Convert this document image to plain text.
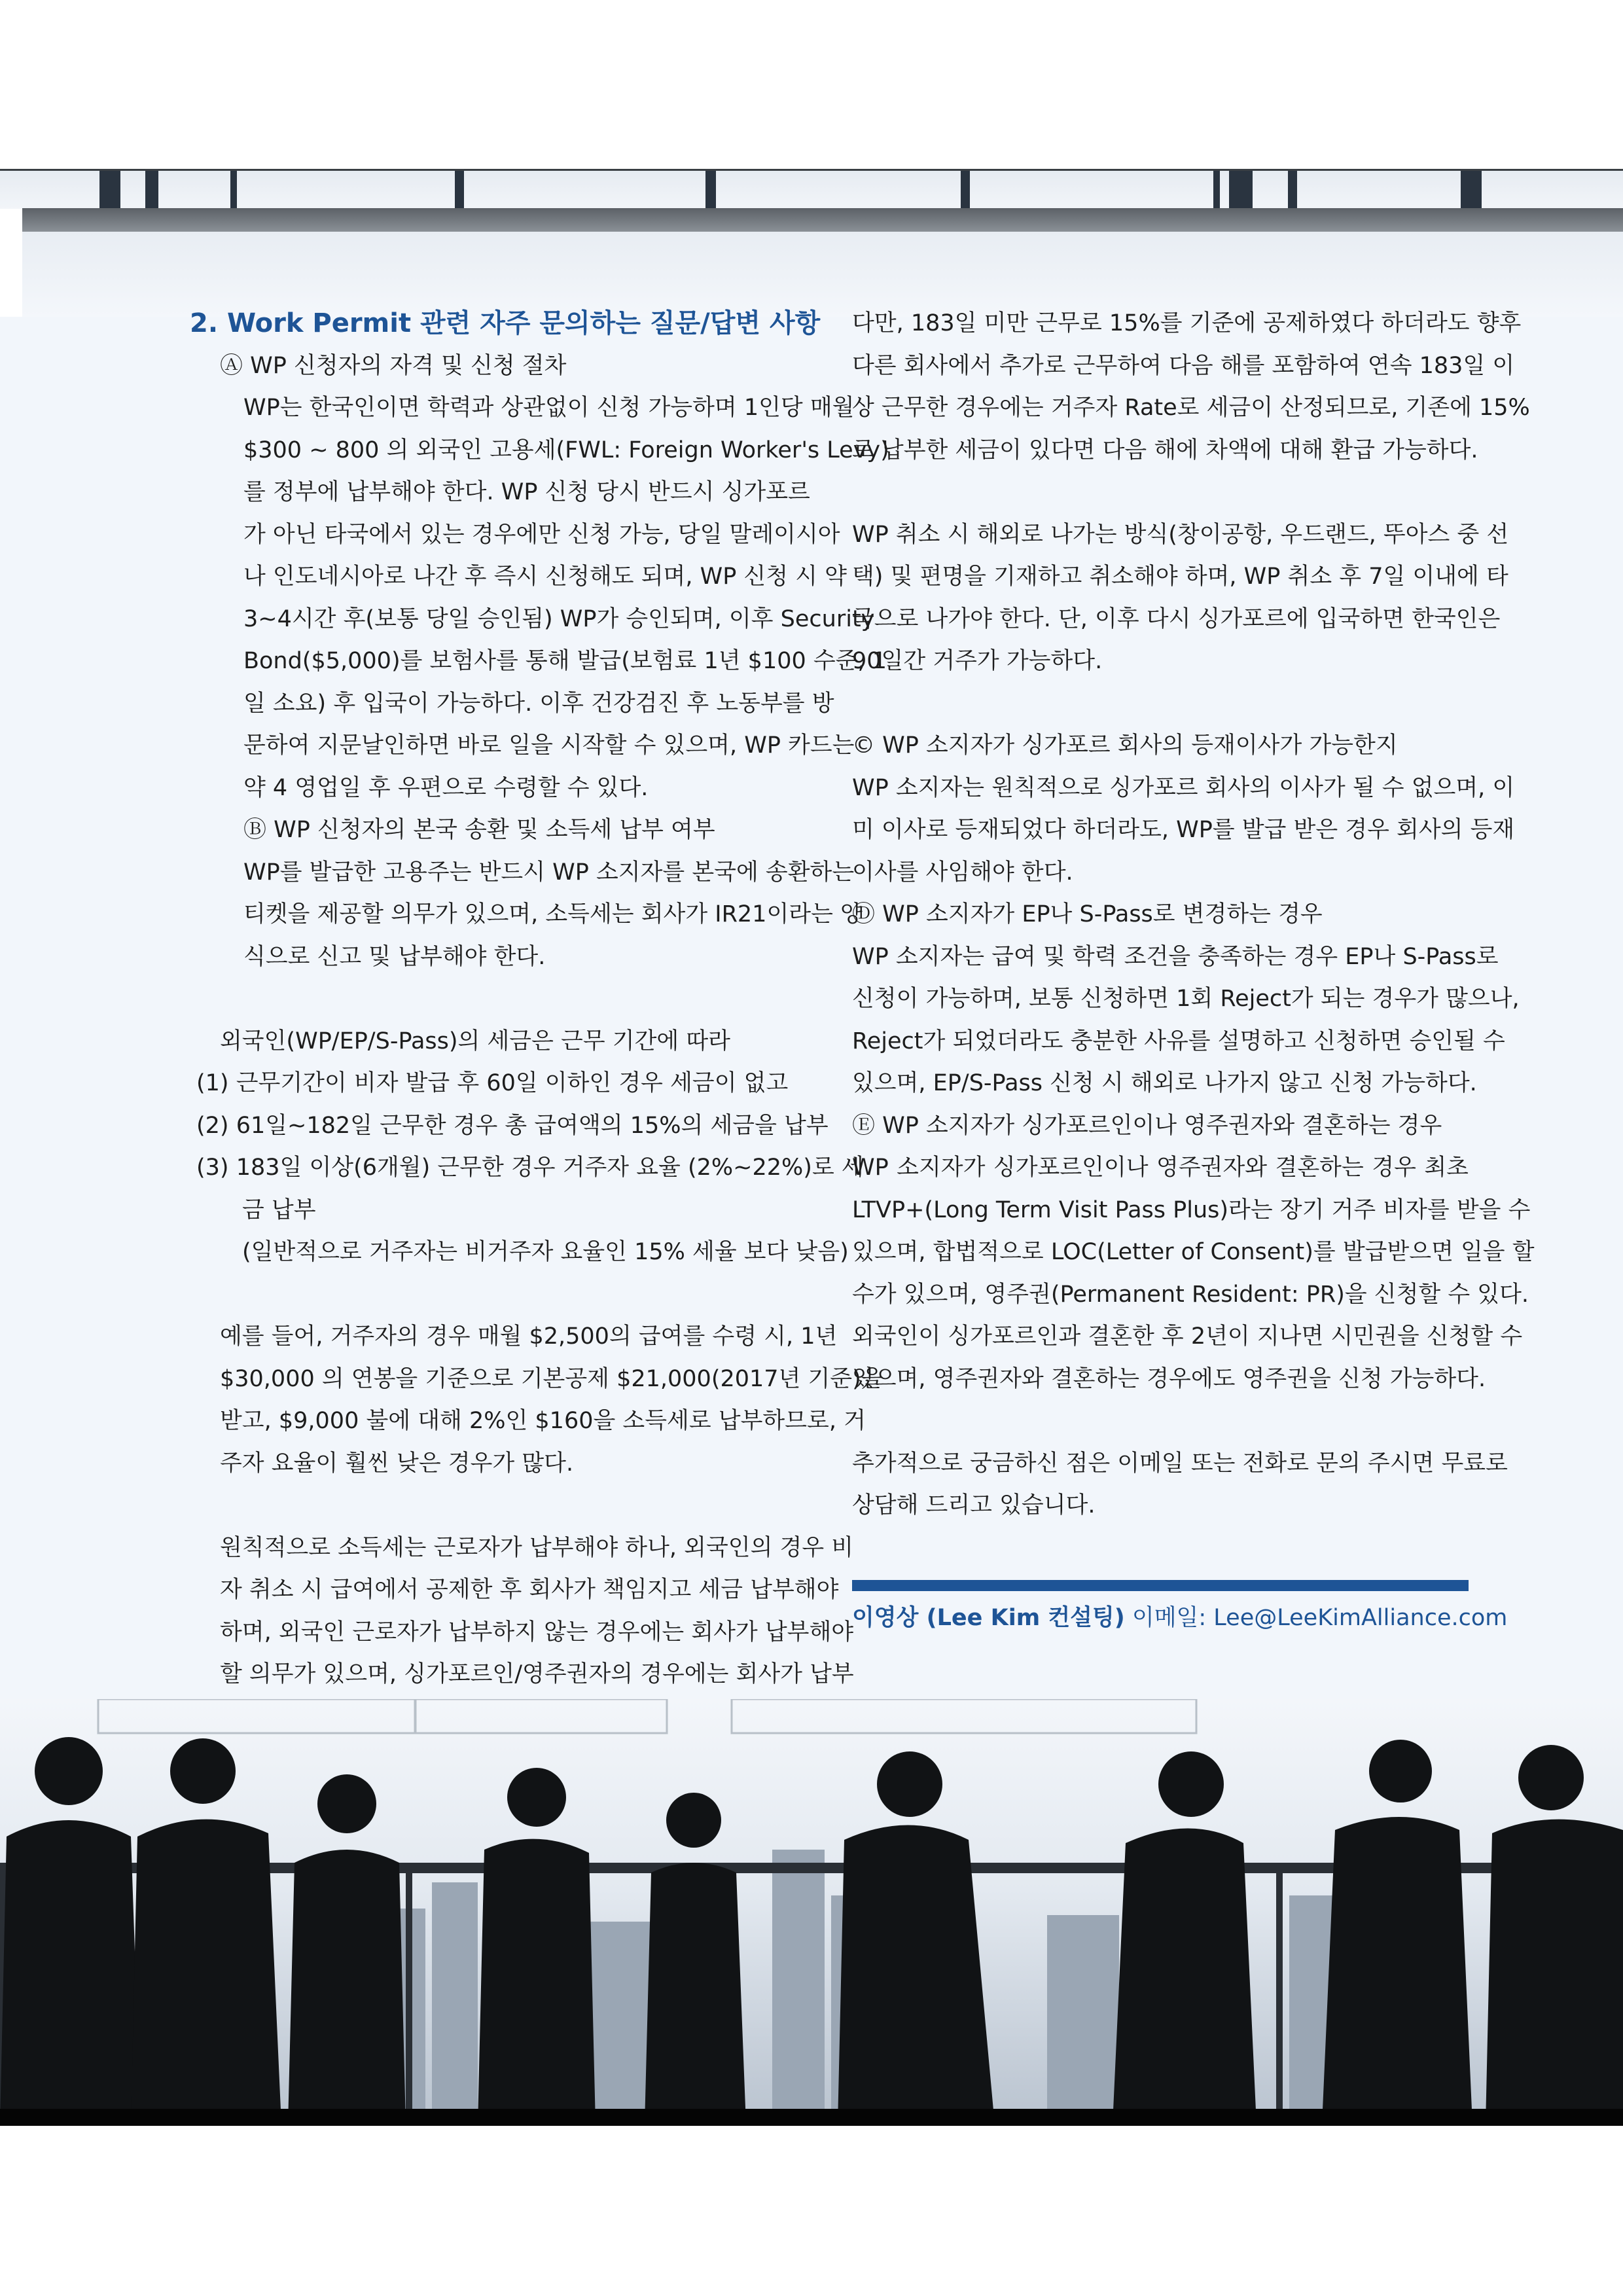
2. Work Permit 관련 자주 문의하는 질문/답변 사항
Ⓐ WP 신청자의 자격 및 신청 절차
WP는 한국인이면 학력과 상관없이 신청 가능하며 1인당 매월
$300 ~ 800 의 외국인 고용세(FWL: Foreign Worker's Levy)
를 정부에 납부해야 한다. WP 신청 당시 반드시 싱가포르
가 아닌 타국에서 있는 경우에만 신청 가능, 당일 말레이시아
나 인도네시아로 나간 후 즉시 신청해도 되며, WP 신청 시 약
3~4시간 후(보통 당일 승인됨) WP가 승인되며, 이후 Security
Bond($5,000)를 보험사를 통해 발급(보험료 1년 $100 수준, 1
일 소요) 후 입국이 가능하다. 이후 건강검진 후 노동부를 방
문하여 지문날인하면 바로 일을 시작할 수 있으며, WP 카드는
약 4 영업일 후 우편으로 수령할 수 있다.
Ⓑ WP 신청자의 본국 송환 및 소득세 납부 여부
WP를 발급한 고용주는 반드시 WP 소지자를 본국에 송환하는
티켓을 제공할 의무가 있으며, 소득세는 회사가 IR21이라는 양
식으로 신고 및 납부해야 한다.
외국인(WP/EP/S-Pass)의 세금은 근무 기간에 따라
(1) 근무기간이 비자 발급 후 60일 이하인 경우 세금이 없고
(2) 61일~182일 근무한 경우 총 급여액의 15%의 세금을 납부
(3) 183일 이상(6개월) 근무한 경우 거주자 요율 (2%~22%)로 세
금 납부
(일반적으로 거주자는 비거주자 요율인 15% 세율 보다 낮음)
예를 들어, 거주자의 경우 매월 $2,500의 급여를 수령 시, 1년
$30,000 의 연봉을 기준으로 기본공제 $21,000(2017년 기준)을
받고, $9,000 불에 대해 2%인 $160을 소득세로 납부하므로, 거
주자 요율이 훨씬 낮은 경우가 많다.
원칙적으로 소득세는 근로자가 납부해야 하나, 외국인의 경우 비
자 취소 시 급여에서 공제한 후 회사가 책임지고 세금 납부해야
하며, 외국인 근로자가 납부하지 않는 경우에는 회사가 납부해야
할 의무가 있으며, 싱가포르인/영주권자의 경우에는 회사가 납부
다만, 183일 미만 근무로 15%를 기준에 공제하였다 하더라도 향후
다른 회사에서 추가로 근무하여 다음 해를 포함하여 연속 183일 이
상 근무한 경우에는 거주자 Rate로 세금이 산정되므로, 기존에 15%
로 납부한 세금이 있다면 다음 해에 차액에 대해 환급 가능하다.
WP 취소 시 해외로 나가는 방식(창이공항, 우드랜드, 뚜아스 중 선
택) 및 편명을 기재하고 취소해야 하며, WP 취소 후 7일 이내에 타
국으로 나가야 한다. 단, 이후 다시 싱가포르에 입국하면 한국인은
90일간 거주가 가능하다.
© WP 소지자가 싱가포르 회사의 등재이사가 가능한지
WP 소지자는 원칙적으로 싱가포르 회사의 이사가 될 수 없으며, 이
미 이사로 등재되었다 하더라도, WP를 발급 받은 경우 회사의 등재
이사를 사임해야 한다.
Ⓓ WP 소지자가 EP나 S-Pass로 변경하는 경우
WP 소지자는 급여 및 학력 조건을 충족하는 경우 EP나 S-Pass로
신청이 가능하며, 보통 신청하면 1회 Reject가 되는 경우가 많으나,
Reject가 되었더라도 충분한 사유를 설명하고 신청하면 승인될 수
있으며, EP/S-Pass 신청 시 해외로 나가지 않고 신청 가능하다.
Ⓔ WP 소지자가 싱가포르인이나 영주권자와 결혼하는 경우
WP 소지자가 싱가포르인이나 영주권자와 결혼하는 경우 최초
LTVP+(Long Term Visit Pass Plus)라는 장기 거주 비자를 받을 수
있으며, 합법적으로 LOC(Letter of Consent)를 발급받으면 일을 할
수가 있으며, 영주권(Permanent Resident: PR)을 신청할 수 있다.
외국인이 싱가포르인과 결혼한 후 2년이 지나면 시민권을 신청할 수
있으며, 영주권자와 결혼하는 경우에도 영주권을 신청 가능하다.
추가적으로 궁금하신 점은 이메일 또는 전화로 문의 주시면 무료로
상담해 드리고 있습니다.
이영상 (Lee Kim 컨설팅) 이메일: Lee@LeeKimAlliance.com
